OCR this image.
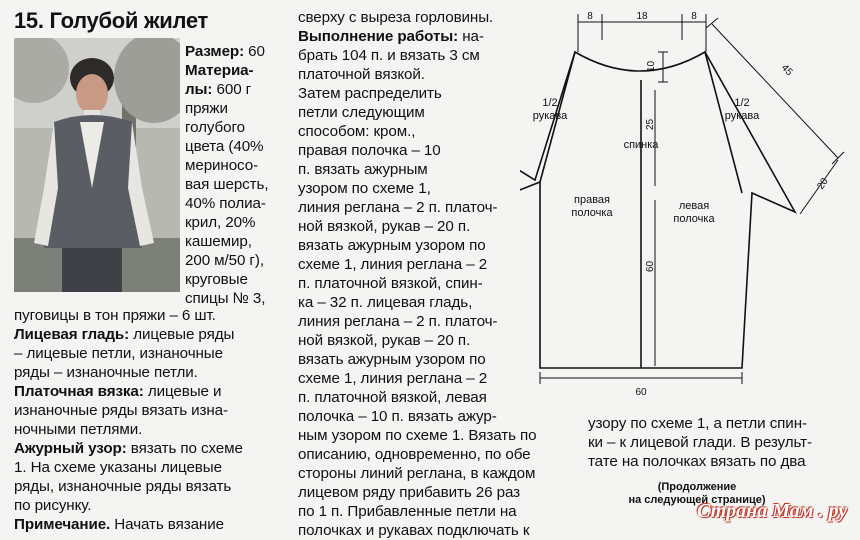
15. Голубой жилет
Размер: 60
Материа-
лы: 600 г
пряжи
голубого
цвета (40%
мериносо-
вая шерсть,
40% полиа-
крил, 20%
кашемир,
200 м/50 г),
круговые
спицы № 3,
пуговицы в тон пряжи – 6 шт.
Лицевая гладь: лицевые ряды
– лицевые петли, изнаночные
ряды – изнаночные петли.
Платочная вязка: лицевые и
изнаночные ряды вязать изна-
ночными петлями.
Ажурный узор: вязать по схеме
1. На схеме указаны лицевые
ряды, изнаночные ряды вязать
по рисунку.
Примечание. Начать вязание
сверху с выреза горловины.
Выполнение работы: на-
брать 104 п. и вязать 3 см
платочной вязкой.
Затем распределить
петли следующим
способом: кром.,
правая полочка – 10
п. вязать ажурным
узором по схеме 1,
линия реглана – 2 п. платоч-
ной вязкой, рукав – 20 п.
вязать ажурным узором по
схеме 1, линия реглана – 2
п. платочной вязкой, спин-
ка – 32 п. лицевая гладь,
линия реглана – 2 п. платоч-
ной вязкой, рукав – 20 п.
вязать ажурным узором по
схеме 1, линия реглана – 2
п. платочной вязкой, левая
полочка – 10 п. вязать ажур-
ным узором по схеме 1. Вязать по
описанию, одновременно, по обе
стороны линий реглана, в каждом
лицевом ряду прибавить 26 раз
по 1 п. Прибавленные петли на
полочках и рукавах подключать к
узору по схеме 1, а петли спин-
ки – к лицевой глади. В результ-
тате на полочках вязать по два
8	18	8
45
20
10
25
60
60
1/2
рукава
1/2
рукава
спинка
правая
полочка
левая
полочка
(Продолжение
на следующей странице)
Страна Мам . ру
